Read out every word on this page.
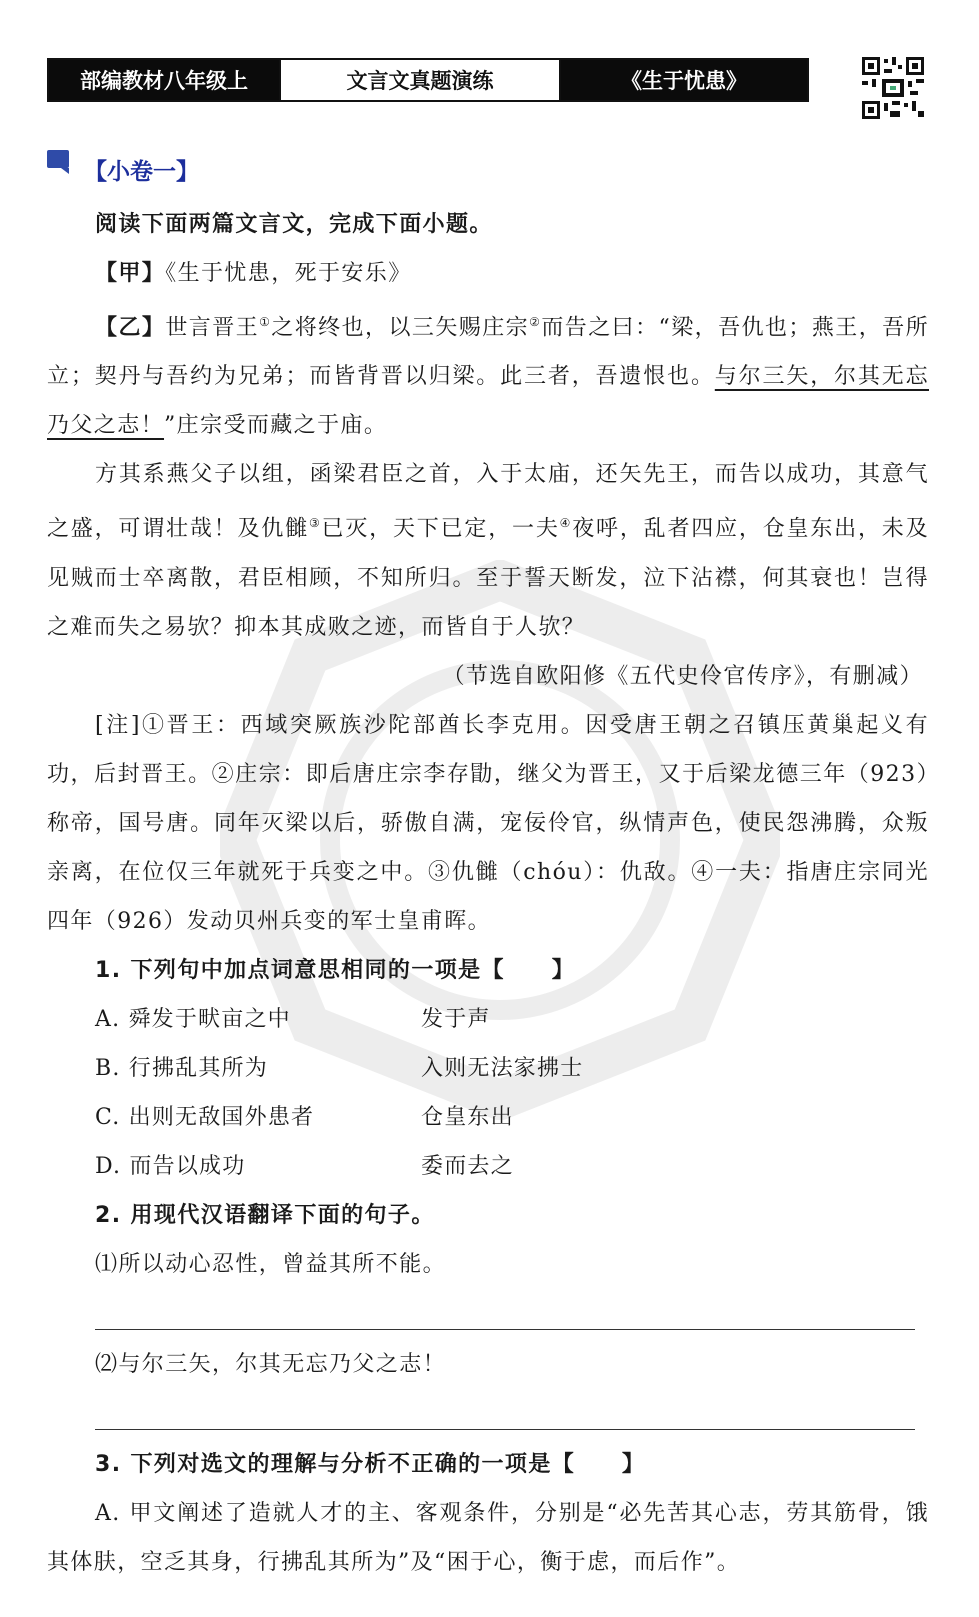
部编教材八年级上	文言文真题演练	《生于忧患》
【小卷一】

阅读下面两篇文言文，完成下面小题。

【甲】《生于忧患，死于安乐》

【乙】世言晋王①之将终也，以三矢赐庄宗②而告之曰：“梁，吾仇也；燕王，吾所立；契丹与吾约为兄弟；而皆背晋以归梁。此三者，吾遗恨也。与尔三矢，尔其无忘乃父之志！”庄宗受而藏之于庙。

方其系燕父子以组，函梁君臣之首，入于太庙，还矢先王，而告以成功，其意气之盛，可谓壮哉！及仇雠③已灭，天下已定，一夫④夜呼，乱者四应，仓皇东出，未及见贼而士卒离散，君臣相顾，不知所归。至于誓天断发，泣下沾襟，何其衰也！岂得之难而失之易欤？抑本其成败之迹，而皆自于人欤？

（节选自欧阳修《五代史伶官传序》，有删减）

[注]①晋王：西域突厥族沙陀部酋长李克用。因受唐王朝之召镇压黄巢起义有功，后封晋王。②庄宗：即后唐庄宗李存勖，继父为晋王，又于后梁龙德三年（923）称帝，国号唐。同年灭梁以后，骄傲自满，宠佞伶官，纵情声色，使民怨沸腾，众叛亲离，在位仅三年就死于兵变之中。③仇雠（chóu）：仇敌。④一夫：指唐庄宗同光四年（926）发动贝州兵变的军士皇甫晖。

1. 下列句中加点词意思相同的一项是【　　】

A. 舜发于畎亩之中	发于声
B. 行拂乱其所为	入则无法家拂士
C. 出则无敌国外患者	仓皇东出
D. 而告以成功	委而去之

2. 用现代汉语翻译下面的句子。

⑴所以动心忍性，曾益其所不能。

⑵与尔三矢，尔其无忘乃父之志！

3. 下列对选文的理解与分析不正确的一项是【　　】

A. 甲文阐述了造就人才的主、客观条件，分别是“必先苦其心志，劳其筋骨，饿其体肤，空乏其身，行拂乱其所为”及“困于心，衡于虑，而后作”。
